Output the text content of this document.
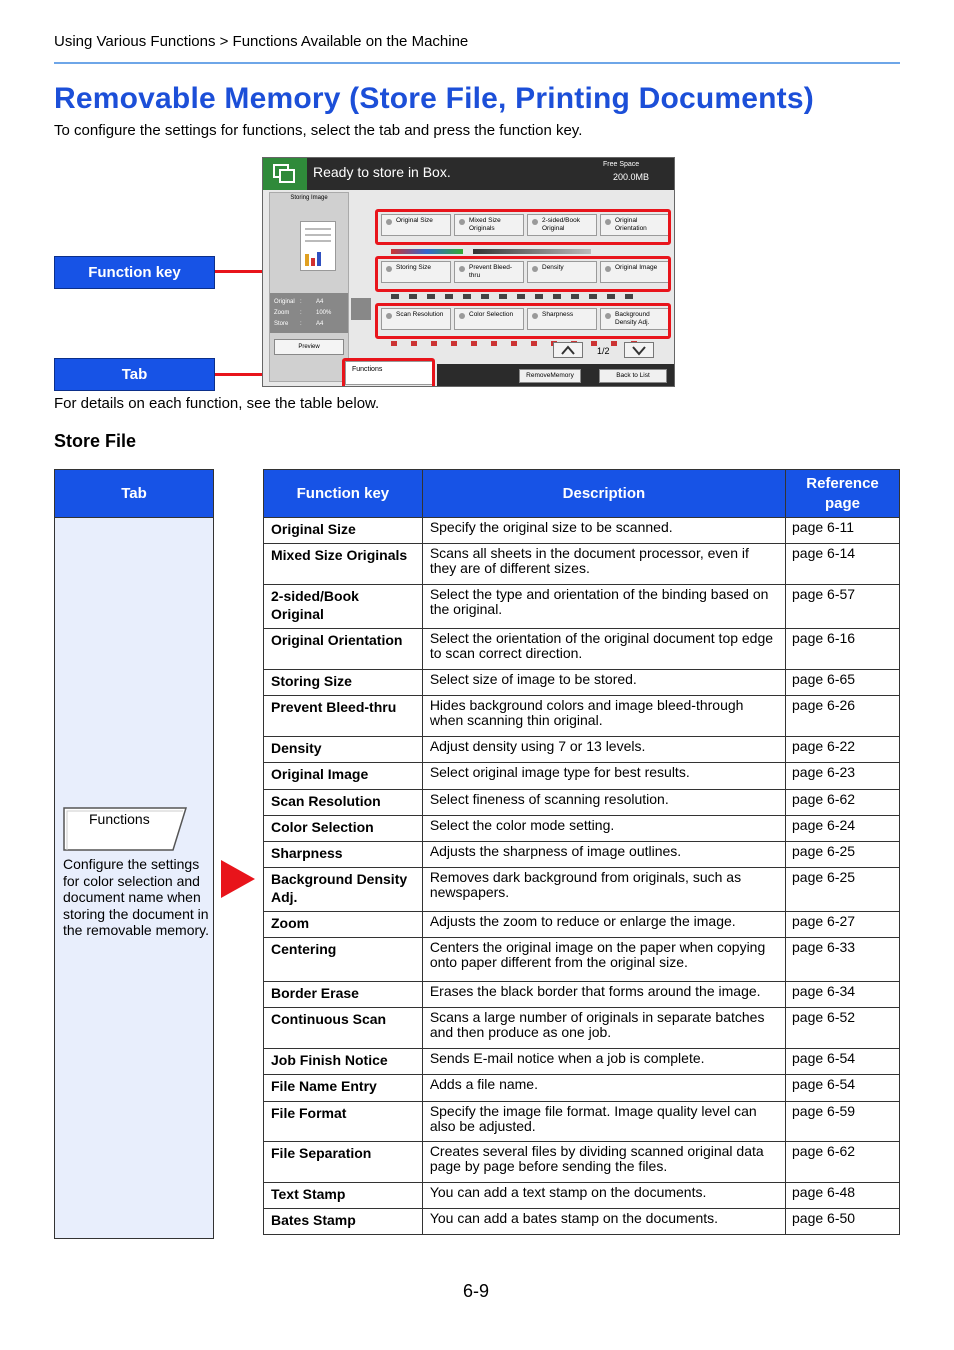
Using Various Functions > Functions Available on the Machine
Removable Memory (Store File, Printing Documents)
To configure the settings for functions, select the tab and press the function key.
Function key
Tab
Ready to store in Box.	Free Space
200.0MB
Storing Image
Original : A4
Zoom : 100%
Store : A4
Preview
Original Size	Mixed Size Originals
2-sided/Book Original
Original Orientation
Storing Size	Prevent Bleed-thru
Density	Original Image
Scan Resolution	Color Selection	Sharpness	Background Density Adj.
1/2
RemoveMemory	Back to List
Functions
For details on each function, see the table below.
Store File
Tab
Functions
Configure the settings for color selection and document name when storing the document in the removable memory.
Function key	Description	Reference page
Original Size	Specify the original size to be scanned.	page 6-11
Mixed Size Originals	Scans all sheets in the document processor, even if they are of different sizes.	page 6-14
2-sided/Book Original	Select the type and orientation of the binding based on the original.	page 6-57
Original Orientation	Select the orientation of the original document top edge to scan correct direction.	page 6-16
Storing Size	Select size of image to be stored.	page 6-65
Prevent Bleed-thru	Hides background colors and image bleed-through when scanning thin original.	page 6-26
Density	Adjust density using 7 or 13 levels.	page 6-22
Original Image	Select original image type for best results.	page 6-23
Scan Resolution	Select fineness of scanning resolution.	page 6-62
Color Selection	Select the color mode setting.	page 6-24
Sharpness	Adjusts the sharpness of image outlines.	page 6-25
Background Density Adj.	Removes dark background from originals, such as newspapers.	page 6-25
Zoom	Adjusts the zoom to reduce or enlarge the image.	page 6-27
Centering	Centers the original image on the paper when copying onto paper different from the original size.	page 6-33
Border Erase	Erases the black border that forms around the image.	page 6-34
Continuous Scan	Scans a large number of originals in separate batches and then produce as one job.	page 6-52
Job Finish Notice	Sends E-mail notice when a job is complete.	page 6-54
File Name Entry	Adds a file name.	page 6-54
File Format	Specify the image file format. Image quality level can also be adjusted.	page 6-59
File Separation	Creates several files by dividing scanned original data page by page before sending the files.	page 6-62
Text Stamp	You can add a text stamp on the documents.	page 6-48
Bates Stamp	You can add a bates stamp on the documents.	page 6-50
6-9
